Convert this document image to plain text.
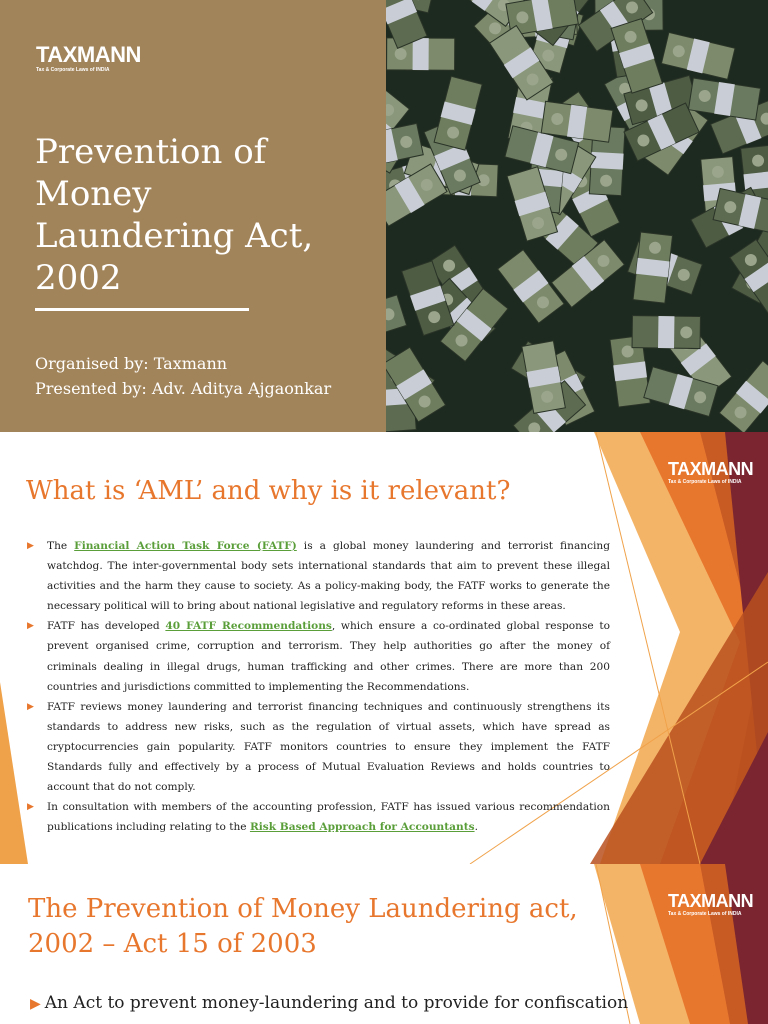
TAXMANN
Tax & Corporate Laws of INDIA
Prevention of Money Laundering Act, 2002
Organised by: Taxmann
Presented by: Adv. Aditya Ajgaonkar
TAXMANN
Tax & Corporate Laws of INDIA
What is ‘AML’ and why is it relevant?
▶ The Financial Action Task Force (FATF) is a global money laundering and terrorist financing watchdog. The inter-governmental body sets international standards that aim to prevent these illegal activities and the harm they cause to society. As a policy-making body, the FATF works to generate the necessary political will to bring about national legislative and regulatory reforms in these areas.
▶ FATF has developed 40 FATF Recommendations, which ensure a co-ordinated global response to prevent organised crime, corruption and terrorism. They help authorities go after the money of criminals dealing in illegal drugs, human trafficking and other crimes. There are more than 200 countries and jurisdictions committed to implementing the Recommendations.
▶ FATF reviews money laundering and terrorist financing techniques and continuously strengthens its standards to address new risks, such as the regulation of virtual assets, which have spread as cryptocurrencies gain popularity. FATF monitors countries to ensure they implement the FATF Standards fully and effectively by a process of Mutual Evaluation Reviews and holds countries to account that do not comply.
▶ In consultation with members of the accounting profession, FATF has issued various recommendation publications including relating to the Risk Based Approach for Accountants.
TAXMANN
Tax & Corporate Laws of INDIA
The Prevention of Money Laundering act, 2002 – Act 15 of 2003
▶ An Act to prevent money-laundering and to provide for confiscation
